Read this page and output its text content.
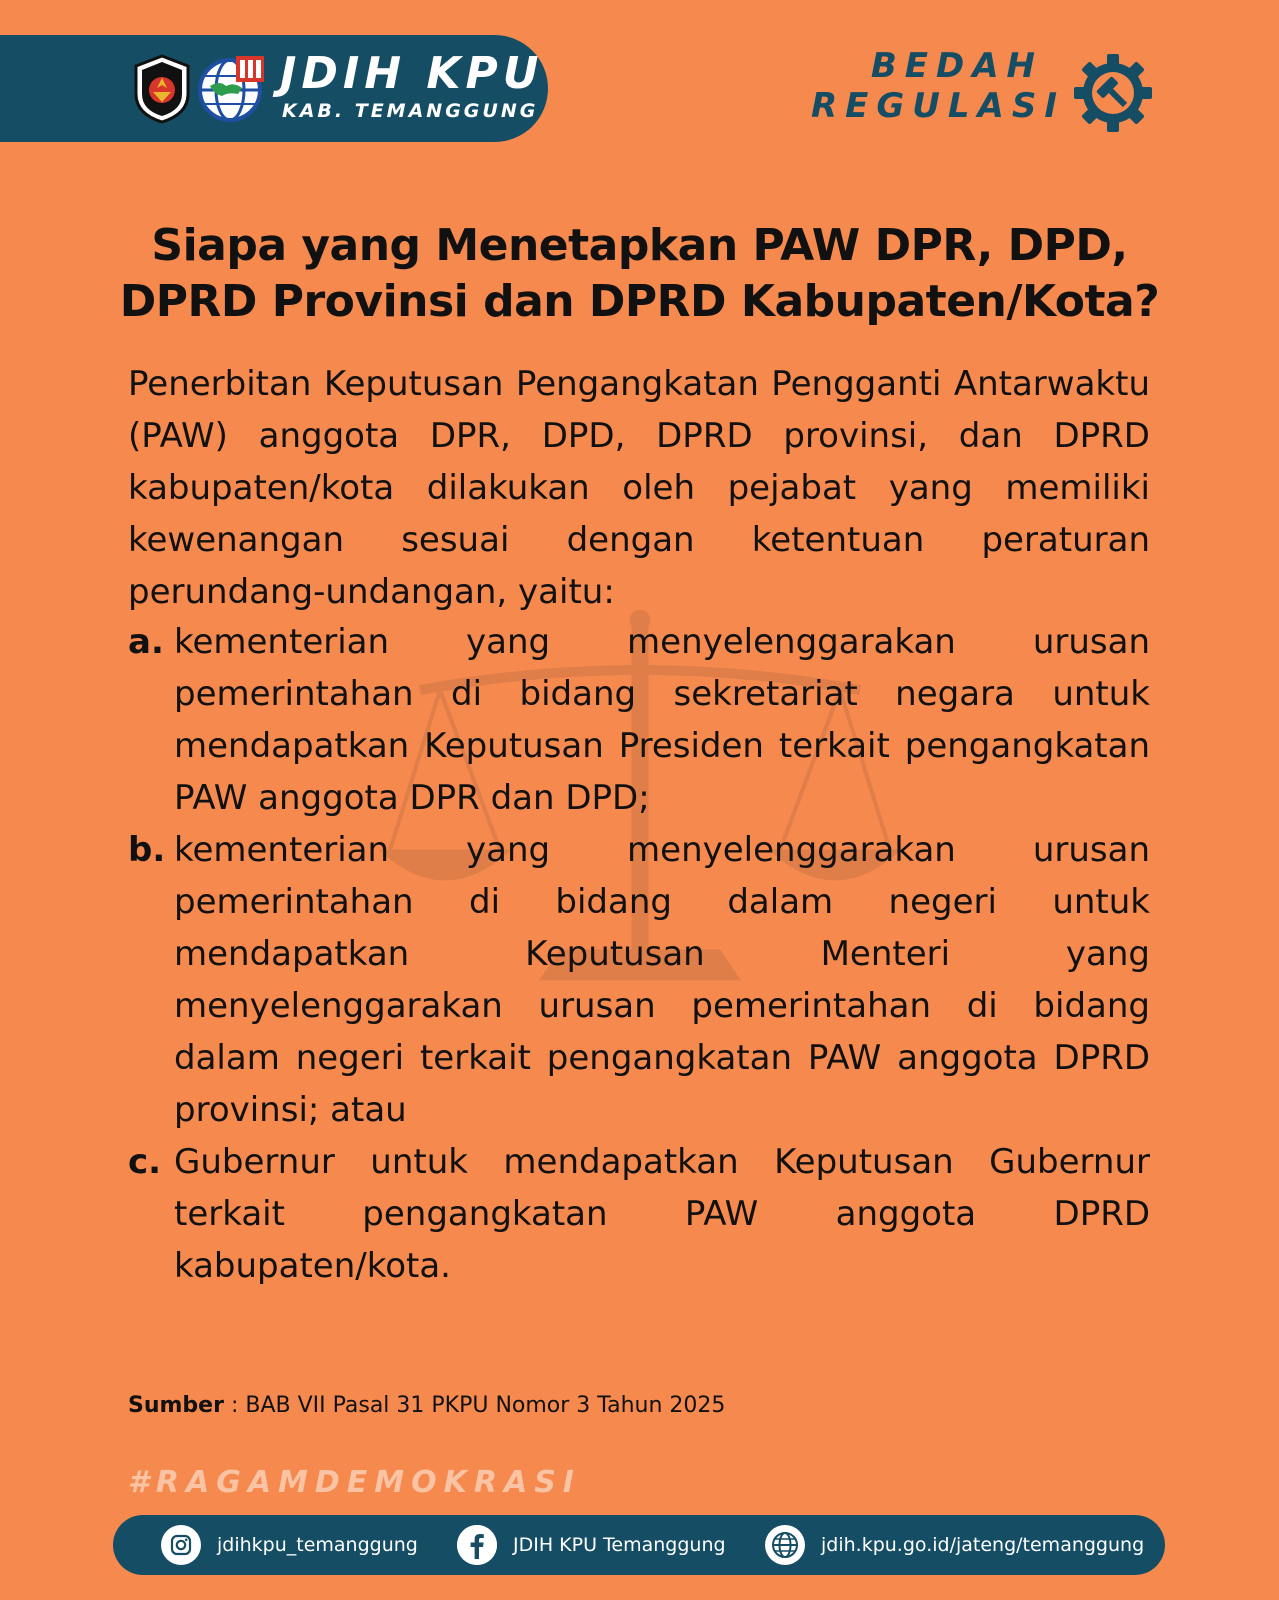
JDIH KPU
KAB. TEMANGGUNG
BEDAH
REGULASI
Siapa yang Menetapkan PAW DPR, DPD, DPRD Provinsi dan DPRD Kabupaten/Kota?
Penerbitan Keputusan Pengangkatan Pengganti Antarwaktu (PAW) anggota DPR, DPD, DPRD provinsi, dan DPRD kabupaten/kota dilakukan oleh pejabat yang memiliki kewenangan sesuai dengan ketentuan peraturan perundang-undangan, yaitu:
a. kementerian yang menyelenggarakan urusan pemerintahan di bidang sekretariat negara untuk mendapatkan Keputusan Presiden terkait pengangkatan PAW anggota DPR dan DPD;
b. kementerian yang menyelenggarakan urusan pemerintahan di bidang dalam negeri untuk mendapatkan Keputusan Menteri yang menyelenggarakan urusan pemerintahan di bidang dalam negeri terkait pengangkatan PAW anggota DPRD provinsi; atau
c. Gubernur untuk mendapatkan Keputusan Gubernur terkait pengangkatan PAW anggota DPRD kabupaten/kota.
Sumber : BAB VII Pasal 31 PKPU Nomor 3 Tahun 2025
#RAGAMDEMOKRASI
jdihkpu_temanggung	JDIH KPU Temanggung	jdih.kpu.go.id/jateng/temanggung
